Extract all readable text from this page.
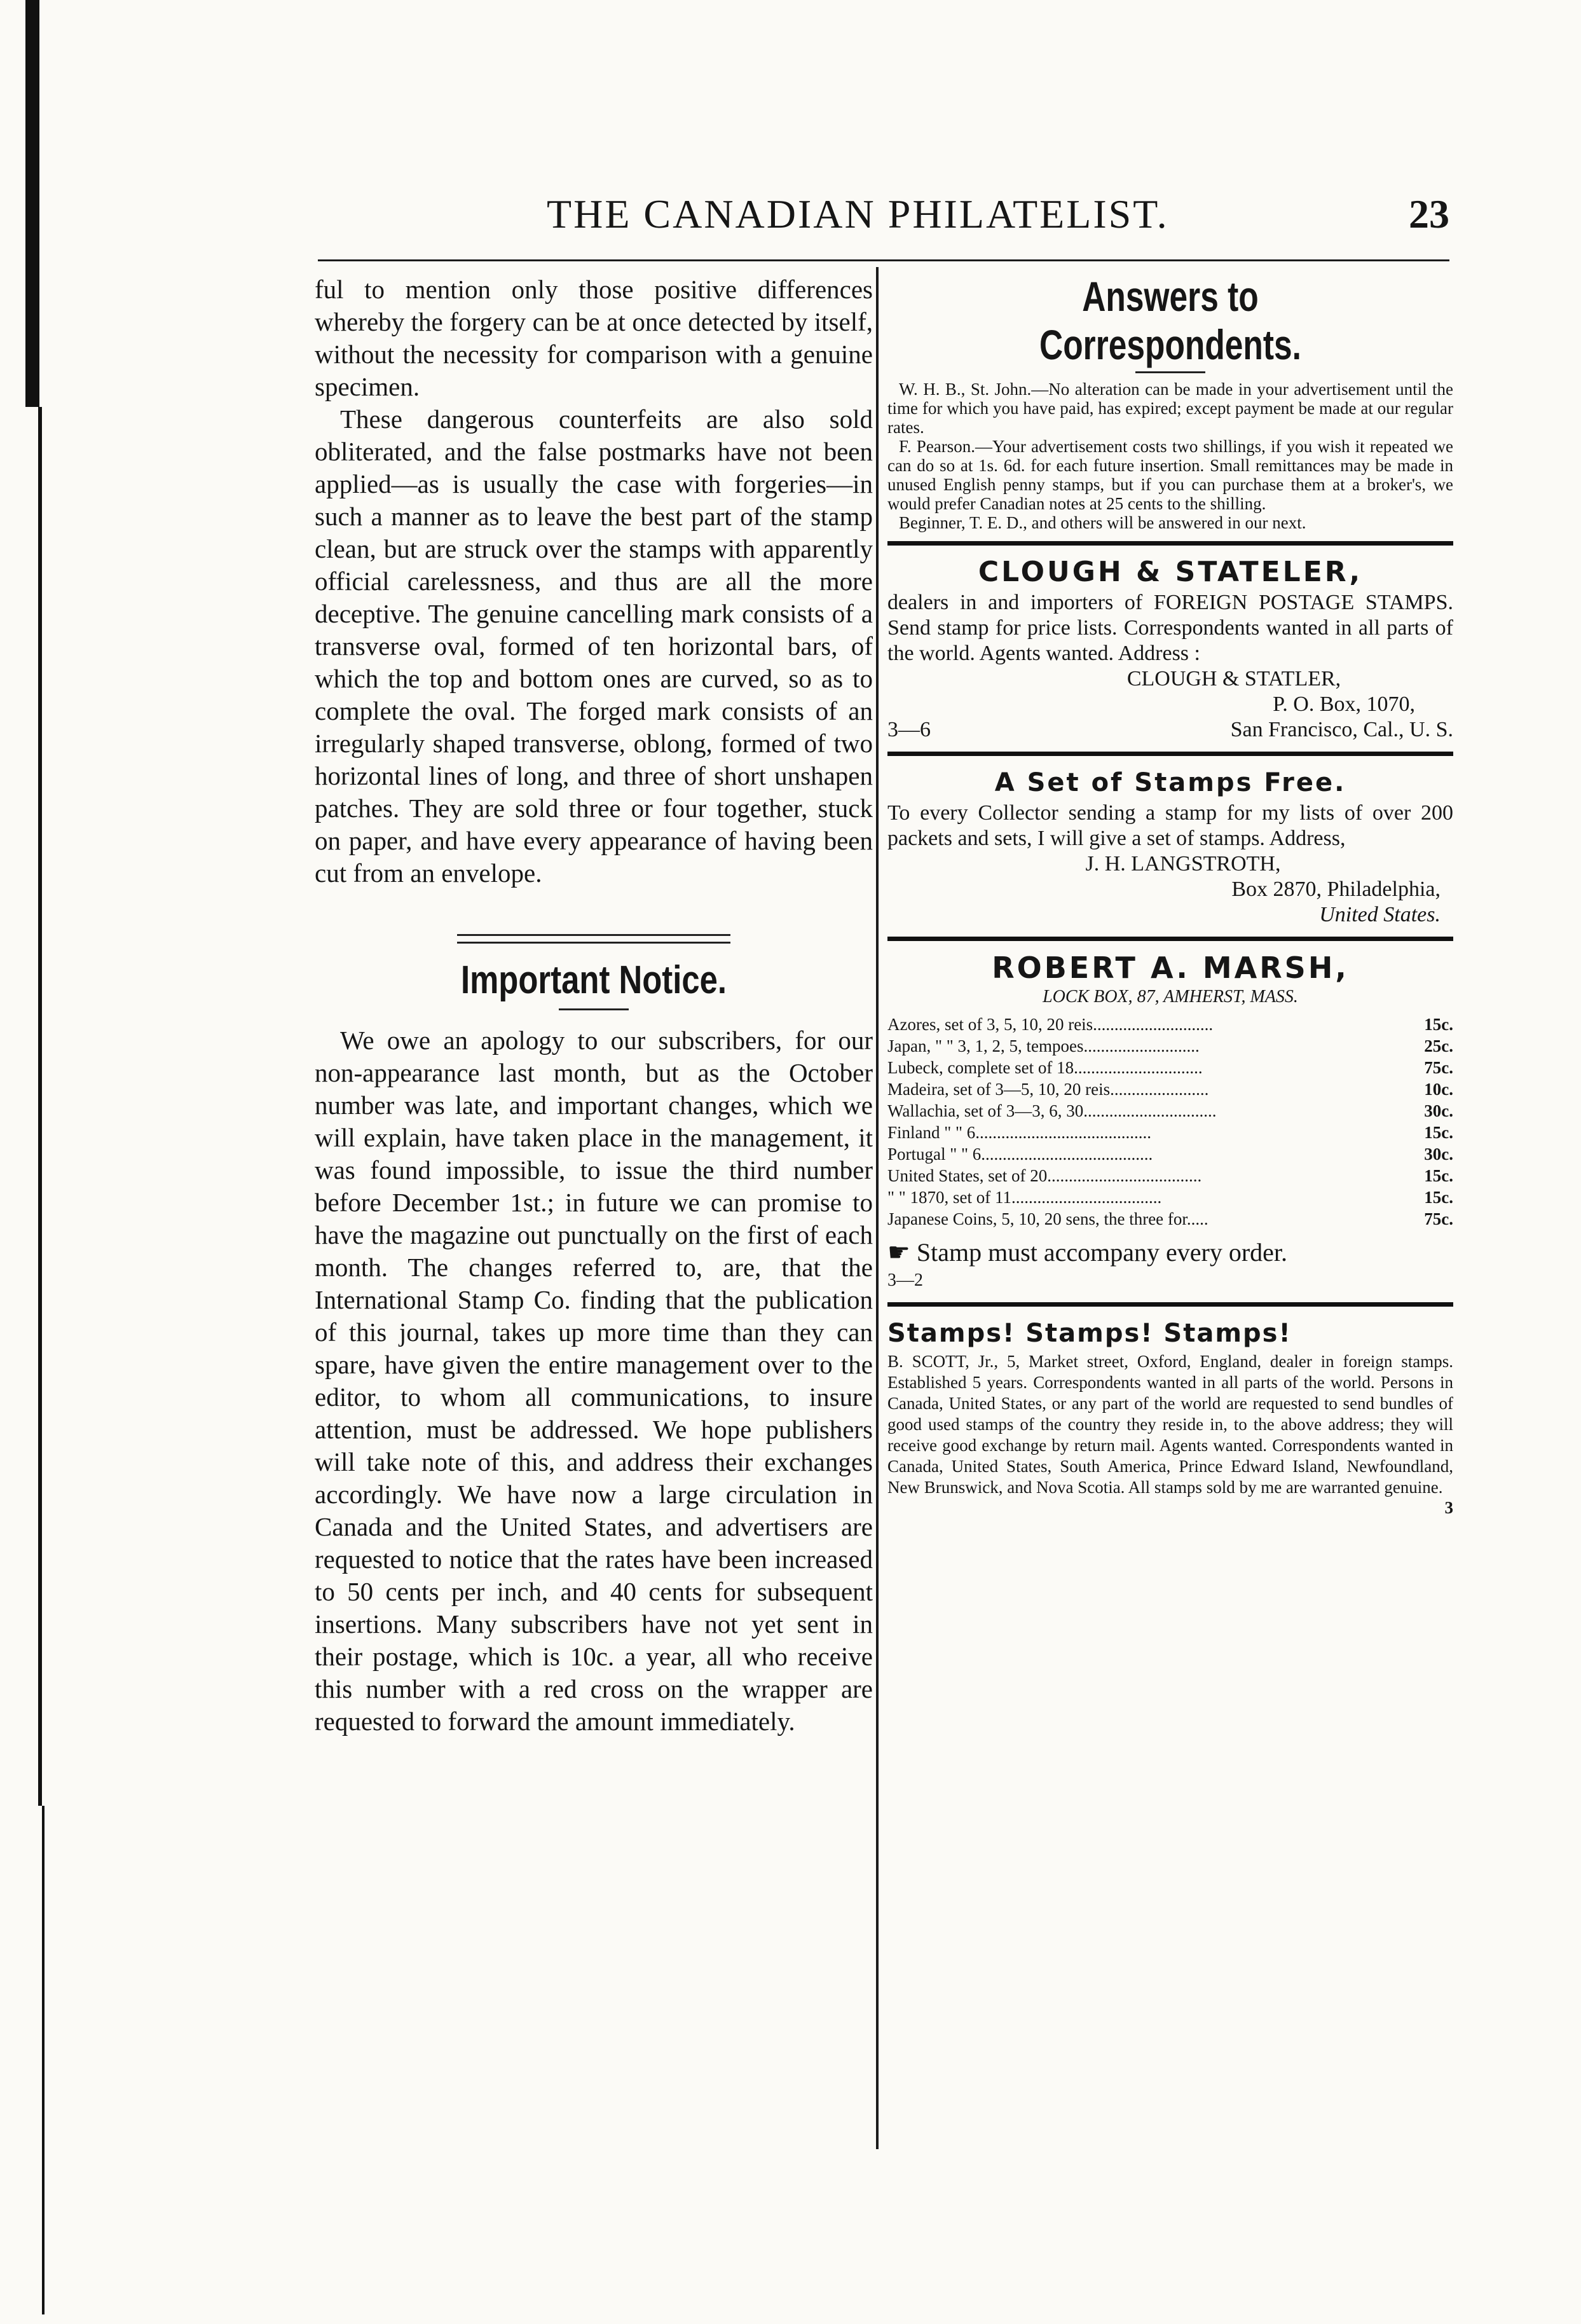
THE CANADIAN PHILATELIST.	23

ful to mention only those positive differences whereby the forgery can be at once detected by itself, without the necessity for comparison with a genuine specimen.

These dangerous counterfeits are also sold obliterated, and the false postmarks have not been applied—as is usually the case with forgeries—in such a manner as to leave the best part of the stamp clean, but are struck over the stamps with apparently official carelessness, and thus are all the more deceptive. The genuine cancelling mark consists of a transverse oval, formed of ten horizontal bars, of which the top and bottom ones are curved, so as to complete the oval. The forged mark consists of an irregularly shaped transverse, oblong, formed of two horizontal lines of long, and three of short unshapen patches. They are sold three or four together, stuck on paper, and have every appearance of having been cut from an envelope.

Important Notice.

We owe an apology to our subscribers, for our non-appearance last month, but as the October number was late, and important changes, which we will explain, have taken place in the management, it was found impossible, to issue the third number before December 1st.; in future we can promise to have the magazine out punctually on the first of each month. The changes referred to, are, that the International Stamp Co. finding that the publication of this journal, takes up more time than they can spare, have given the entire management over to the editor, to whom all communications, to insure attention, must be addressed. We hope publishers will take note of this, and address their exchanges accordingly. We have now a large circulation in Canada and the United States, and advertisers are requested to notice that the rates have been increased to 50 cents per inch, and 40 cents for subsequent insertions. Many subscribers have not yet sent in their postage, which is 10c. a year, all who receive this number with a red cross on the wrapper are requested to forward the amount immediately.

Answers to Correspondents.

W. H. B., St. John.—No alteration can be made in your advertisement until the time for which you have paid, has expired; except payment be made at our regular rates.

F. Pearson.—Your advertisement costs two shillings, if you wish it repeated we can do so at 1s. 6d. for each future insertion. Small remittances may be made in unused English penny stamps, but if you can purchase them at a broker's, we would prefer Canadian notes at 25 cents to the shilling.

Beginner, T. E. D., and others will be answered in our next.

CLOUGH & STATELER,

dealers in and importers of FOREIGN POSTAGE STAMPS. Send stamp for price lists. Correspondents wanted in all parts of the world. Agents wanted. Address :

CLOUGH & STATLER,

P. O. Box, 1070,

3—6	San Francisco, Cal., U. S.
A Set of Stamps Free.

To every Collector sending a stamp for my lists of over 200 packets and sets, I will give a set of stamps. Address,

J. H. LANGSTROTH,

Box 2870, Philadelphia,

United States.

ROBERT A. MARSH,

LOCK BOX, 87, AMHERST, MASS.

Azores, set of 3, 5, 10, 20 reis............................	15c.
Japan, " " 3, 1, 2, 5, tempoes...........................	25c.
Lubeck, complete set of 18..............................	75c.
Madeira, set of 3—5, 10, 20 reis.......................	10c.
Wallachia, set of 3—3, 6, 30...............................	30c.
Finland " " 6.........................................	15c.
Portugal " " 6........................................	30c.
United States, set of 20....................................	15c.
" " 1870, set of 11...................................	15c.
Japanese Coins, 5, 10, 20 sens, the three for.....	75c.
☛ Stamp must accompany every order.

3—2

Stamps! Stamps! Stamps!

B. SCOTT, Jr., 5, Market street, Oxford, England, dealer in foreign stamps. Established 5 years. Correspondents wanted in all parts of the world. Persons in Canada, United States, or any part of the world are requested to send bundles of good used stamps of the country they reside in, to the above address; they will receive good exchange by return mail. Agents wanted. Correspondents wanted in Canada, United States, South America, Prince Edward Island, Newfoundland, New Brunswick, and Nova Scotia. All stamps sold by me are warranted genuine.

3
